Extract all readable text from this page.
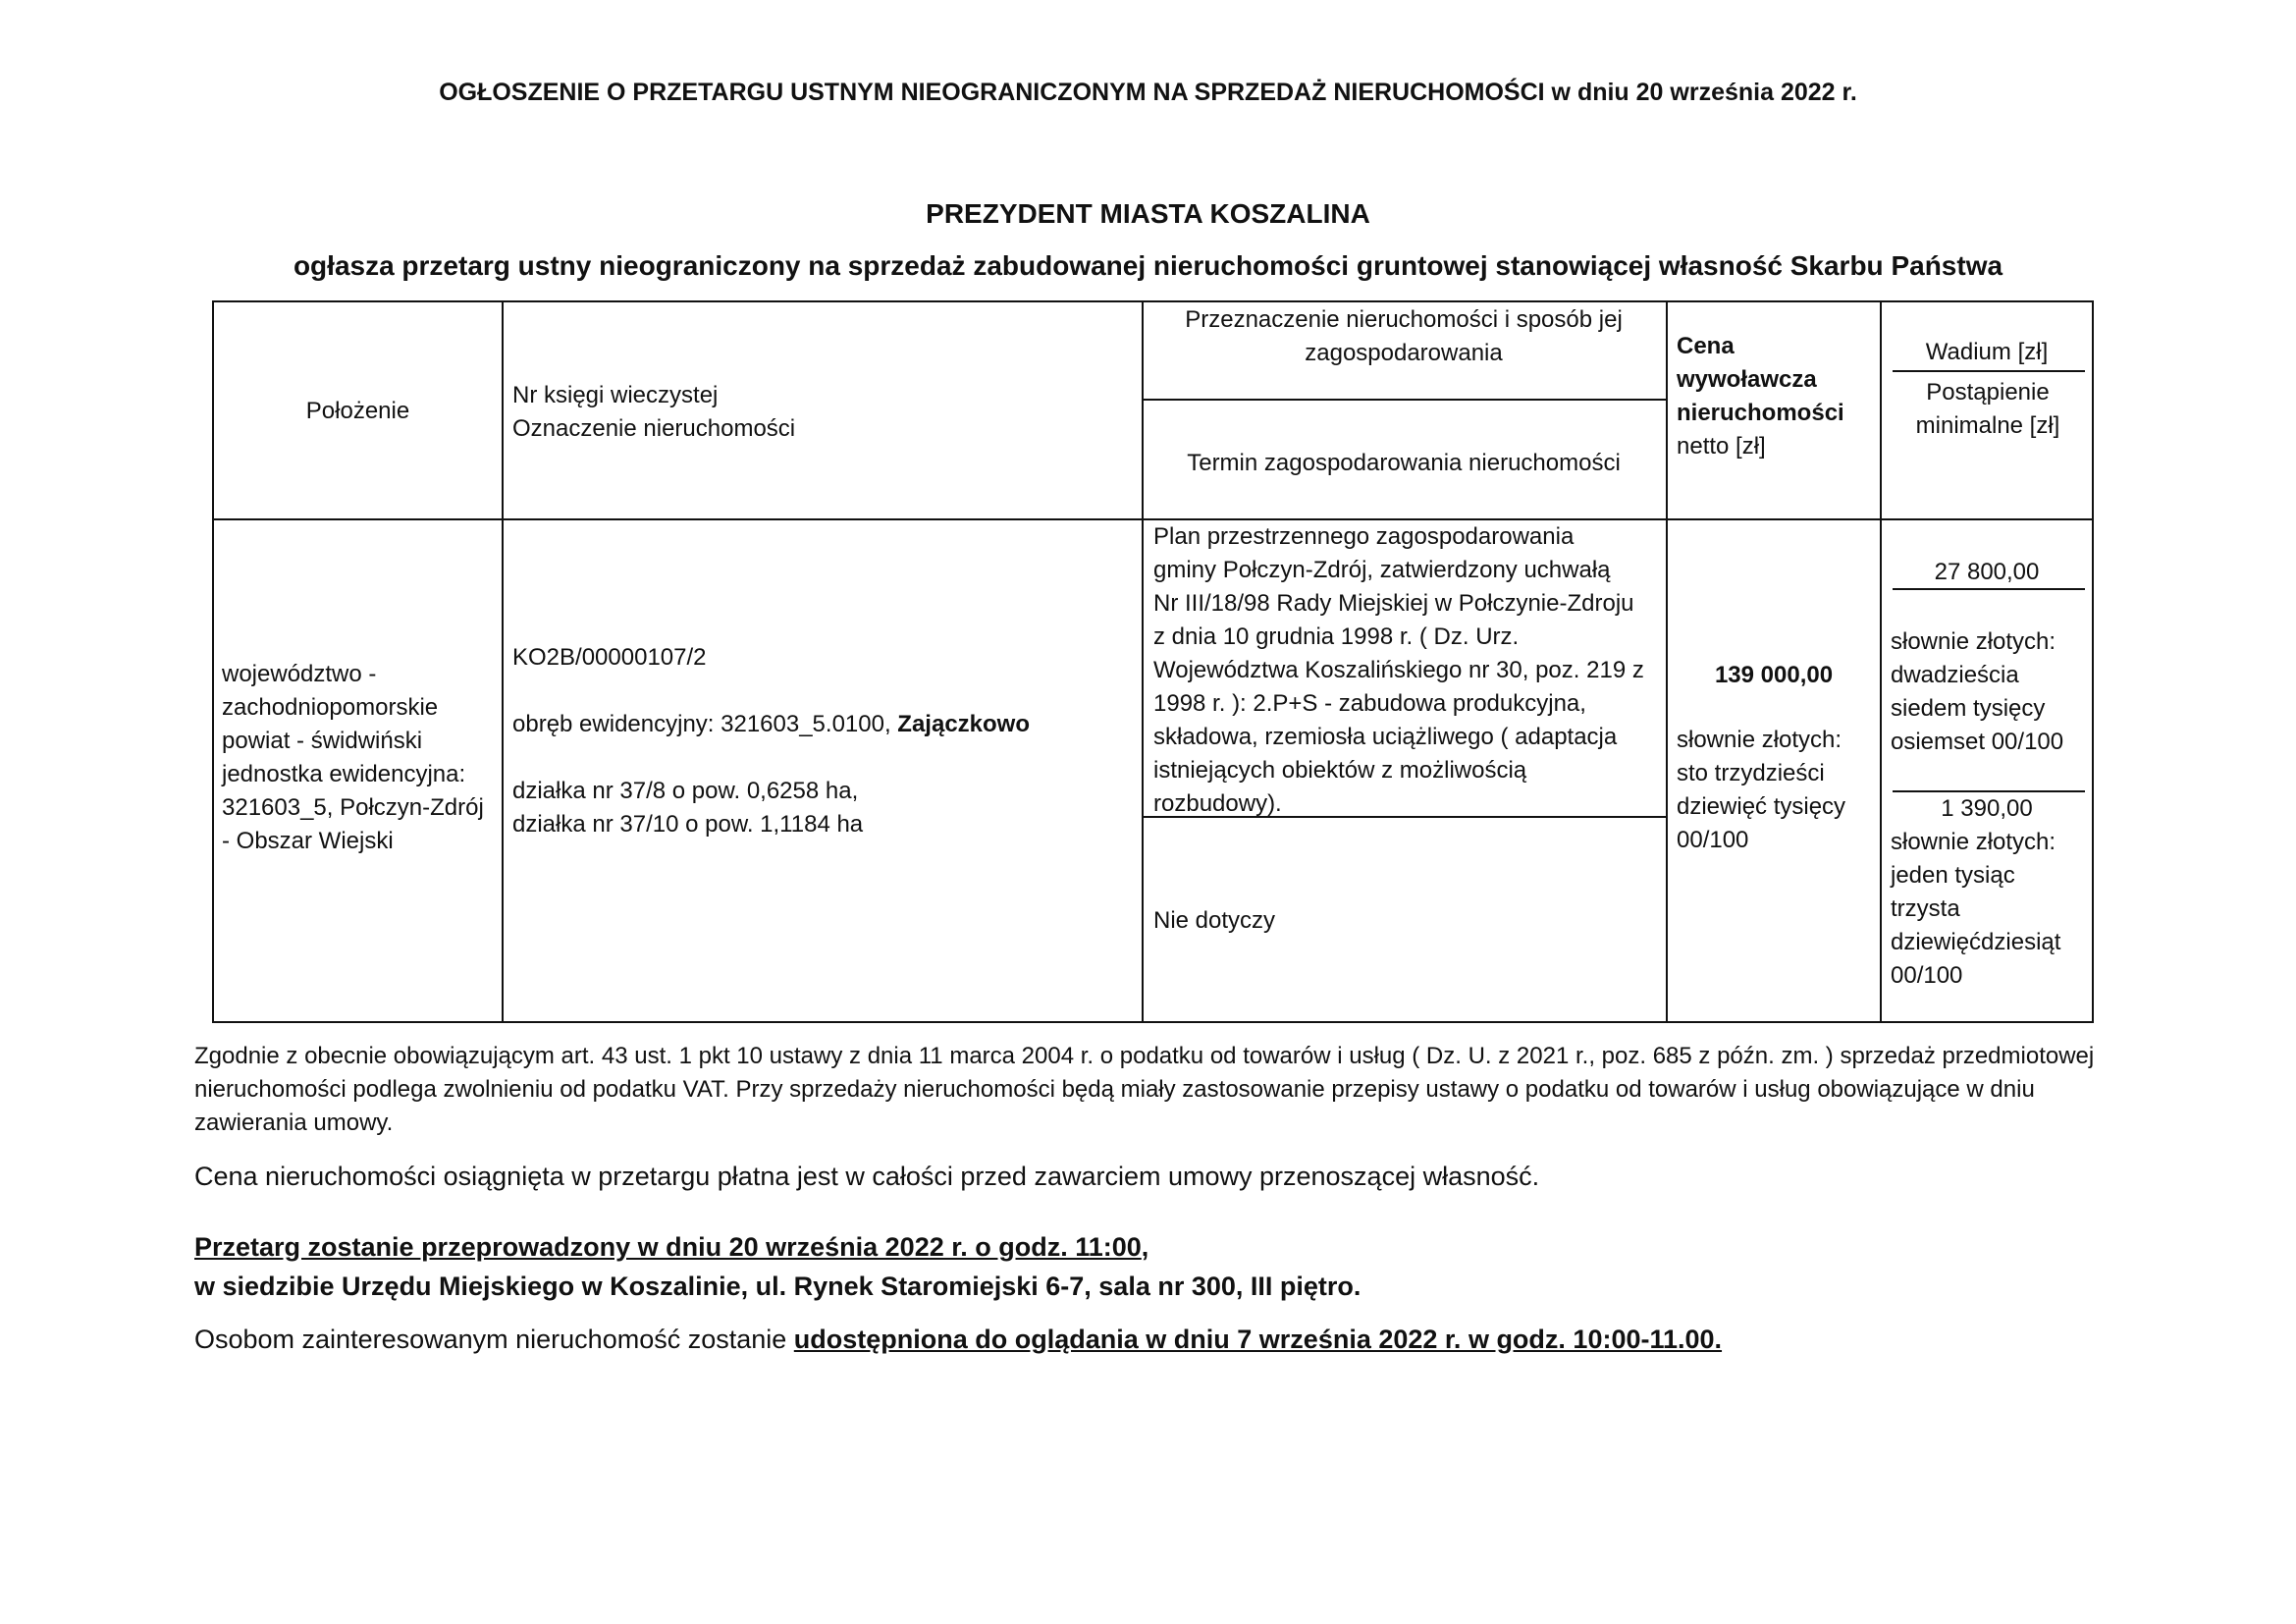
OGŁOSZENIE O PRZETARGU USTNYM NIEOGRANICZONYM NA SPRZEDAŻ NIERUCHOMOŚCI w dniu 20 września 2022 r.
PREZYDENT MIASTA KOSZALINA
ogłasza przetarg ustny nieograniczony na sprzedaż zabudowanej nieruchomości gruntowej stanowiącej własność Skarbu Państwa
Położenie
Nr księgi wieczystej
Oznaczenie nieruchomości
Przeznaczenie nieruchomości i sposób jej zagospodarowania
Termin zagospodarowania nieruchomości
Cena
wywoławcza
nieruchomości
netto [zł]
Wadium [zł]
Postąpienie minimalne [zł]
województwo -
zachodniopomorskie
powiat - świdwiński
jednostka ewidencyjna:
321603_5, Połczyn-Zdrój
- Obszar Wiejski
KO2B/00000107/2
obręb ewidencyjny: 321603_5.0100, Zajączkowo
działka nr 37/8 o pow. 0,6258 ha,
działka nr 37/10 o pow. 1,1184 ha
Plan przestrzennego zagospodarowania
gminy Połczyn-Zdrój, zatwierdzony uchwałą
Nr III/18/98 Rady Miejskiej w Połczynie-Zdroju
z dnia 10 grudnia 1998 r. ( Dz. Urz.
Województwa Koszalińskiego nr 30, poz. 219 z
1998 r. ): 2.P+S - zabudowa produkcyjna,
składowa, rzemiosła uciążliwego ( adaptacja
istniejących obiektów z możliwością
rozbudowy).
Nie dotyczy
139 000,00
słownie złotych:
sto trzydzieści
dziewięć tysięcy
00/100
27 800,00
słownie złotych:
dwadzieścia
siedem tysięcy
osiemset 00/100
1 390,00
słownie złotych:
jeden tysiąc
trzysta
dziewięćdziesiąt
00/100
Zgodnie z obecnie obowiązującym art. 43 ust. 1 pkt 10 ustawy z dnia 11 marca 2004 r. o podatku od towarów i usług ( Dz. U. z 2021 r., poz. 685 z późn. zm. ) sprzedaż przedmiotowej
nieruchomości podlega zwolnieniu od podatku VAT. Przy sprzedaży nieruchomości będą miały zastosowanie przepisy ustawy o podatku od towarów i usług obowiązujące w dniu
zawierania umowy.
Cena nieruchomości osiągnięta w przetargu płatna jest w całości przed zawarciem umowy przenoszącej własność.
Przetarg zostanie przeprowadzony w dniu 20 września 2022 r. o godz. 11:00,
w siedzibie Urzędu Miejskiego w Koszalinie, ul. Rynek Staromiejski 6-7, sala nr 300, III piętro.
Osobom zainteresowanym nieruchomość zostanie udostępniona do oglądania w dniu 7 września 2022 r. w godz. 10:00-11.00.
